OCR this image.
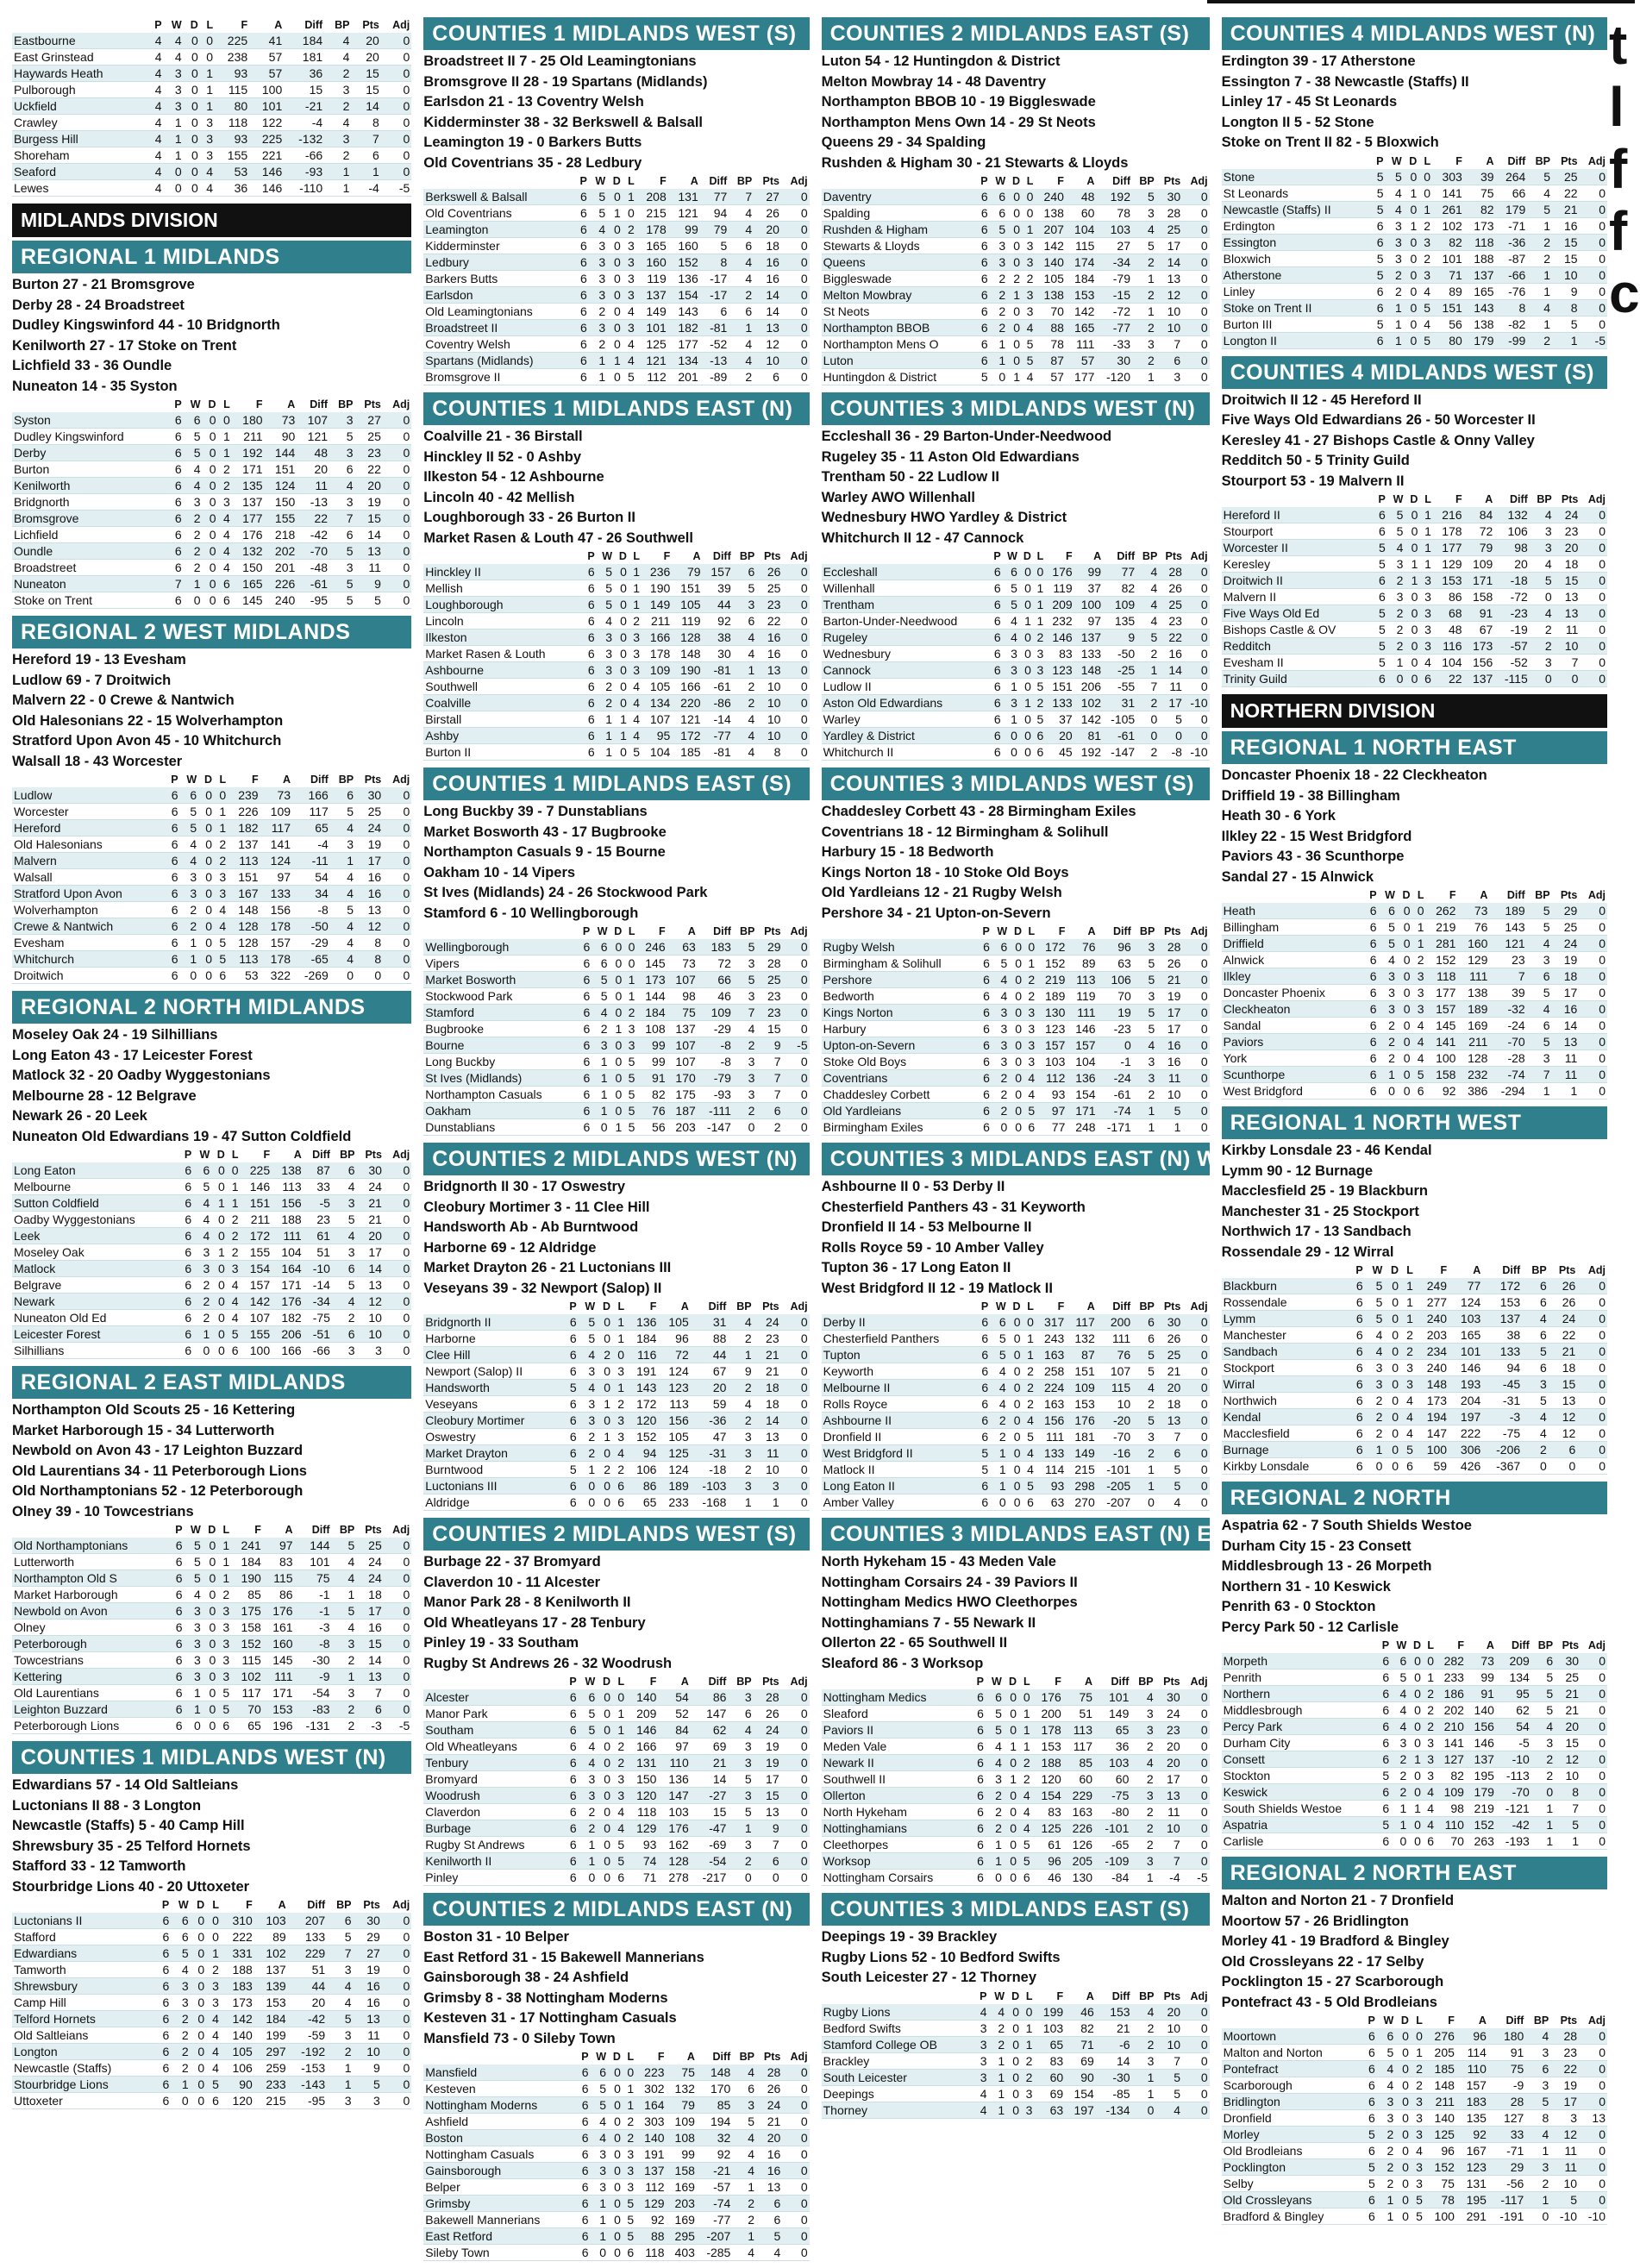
	P	W	D	L	F	A	Diff	BP	Pts	Adj
Eastbourne	4	4	0	0	225	41	184	4	20	0
East Grinstead	4	4	0	0	238	57	181	4	20	0
Haywards Heath	4	3	0	1	93	57	36	2	15	0
Pulborough	4	3	0	1	115	100	15	3	15	0
Uckfield	4	3	0	1	80	101	-21	2	14	0
Crawley	4	1	0	3	118	122	-4	4	8	0
Burgess Hill	4	1	0	3	93	225	-132	3	7	0
Shoreham	4	1	0	3	155	221	-66	2	6	0
Seaford	4	0	0	4	53	146	-93	1	1	0
Lewes	4	0	0	4	36	146	-110	1	-4	-5
MIDLANDS DIVISION
REGIONAL 1 MIDLANDS
Burton 27 - 21 Bromsgrove
Derby 28 - 24 Broadstreet
Dudley Kingswinford 44 - 10 Bridgnorth
Kenilworth 27 - 17 Stoke on Trent
Lichfield 33 - 36 Oundle
Nuneaton 14 - 35 Syston
	P	W	D	L	F	A	Diff	BP	Pts	Adj
Syston	6	6	0	0	180	73	107	3	27	0
Dudley Kingswinford	6	5	0	1	211	90	121	5	25	0
Derby	6	5	0	1	192	144	48	3	23	0
Burton	6	4	0	2	171	151	20	6	22	0
Kenilworth	6	4	0	2	135	124	11	4	20	0
Bridgnorth	6	3	0	3	137	150	-13	3	19	0
Bromsgrove	6	2	0	4	177	155	22	7	15	0
Lichfield	6	2	0	4	176	218	-42	6	14	0
Oundle	6	2	0	4	132	202	-70	5	13	0
Broadstreet	6	2	0	4	150	201	-48	3	11	0
Nuneaton	7	1	0	6	165	226	-61	5	9	0
Stoke on Trent	6	0	0	6	145	240	-95	5	5	0
REGIONAL 2 WEST MIDLANDS
Hereford 19 - 13 Evesham
Ludlow 69 - 7 Droitwich
Malvern 22 - 0 Crewe & Nantwich
Old Halesonians 22 - 15 Wolverhampton
Stratford Upon Avon 45 - 10 Whitchurch
Walsall 18 - 43 Worcester
	P	W	D	L	F	A	Diff	BP	Pts	Adj
Ludlow	6	6	0	0	239	73	166	6	30	0
Worcester	6	5	0	1	226	109	117	5	25	0
Hereford	6	5	0	1	182	117	65	4	24	0
Old Halesonians	6	4	0	2	137	141	-4	3	19	0
Malvern	6	4	0	2	113	124	-11	1	17	0
Walsall	6	3	0	3	151	97	54	4	16	0
Stratford Upon Avon	6	3	0	3	167	133	34	4	16	0
Wolverhampton	6	2	0	4	148	156	-8	5	13	0
Crewe & Nantwich	6	2	0	4	128	178	-50	4	12	0
Evesham	6	1	0	5	128	157	-29	4	8	0
Whitchurch	6	1	0	5	113	178	-65	4	8	0
Droitwich	6	0	0	6	53	322	-269	0	0	0
REGIONAL 2 NORTH MIDLANDS
Moseley Oak 24 - 19 Silhillians
Long Eaton 43 - 17 Leicester Forest
Matlock 32 - 20 Oadby Wyggestonians
Melbourne 28 - 12 Belgrave
Newark 26 - 20 Leek
Nuneaton Old Edwardians 19 - 47 Sutton Coldfield
	P	W	D	L	F	A	Diff	BP	Pts	Adj
Long Eaton	6	6	0	0	225	138	87	6	30	0
Melbourne	6	5	0	1	146	113	33	4	24	0
Sutton Coldfield	6	4	1	1	151	156	-5	3	21	0
Oadby Wyggestonians	6	4	0	2	211	188	23	5	21	0
Leek	6	4	0	2	172	111	61	4	20	0
Moseley Oak	6	3	1	2	155	104	51	3	17	0
Matlock	6	3	0	3	154	164	-10	6	14	0
Belgrave	6	2	0	4	157	171	-14	5	13	0
Newark	6	2	0	4	142	176	-34	4	12	0
Nuneaton Old Ed	6	2	0	4	107	182	-75	2	10	0
Leicester Forest	6	1	0	5	155	206	-51	6	10	0
Silhillians	6	0	0	6	100	166	-66	3	3	0
REGIONAL 2 EAST MIDLANDS
Northampton Old Scouts 25 - 16 Kettering
Market Harborough 15 - 34 Lutterworth
Newbold on Avon 43 - 17 Leighton Buzzard
Old Laurentians 34 - 11 Peterborough Lions
Old Northamptonians 52 - 12 Peterborough
Olney 39 - 10 Towcestrians
	P	W	D	L	F	A	Diff	BP	Pts	Adj
Old Northamptonians	6	5	0	1	241	97	144	5	25	0
Lutterworth	6	5	0	1	184	83	101	4	24	0
Northampton Old S	6	5	0	1	190	115	75	4	24	0
Market Harborough	6	4	0	2	85	86	-1	1	18	0
Newbold on Avon	6	3	0	3	175	176	-1	5	17	0
Olney	6	3	0	3	158	161	-3	4	16	0
Peterborough	6	3	0	3	152	160	-8	3	15	0
Towcestrians	6	3	0	3	115	145	-30	2	14	0
Kettering	6	3	0	3	102	111	-9	1	13	0
Old Laurentians	6	1	0	5	117	171	-54	3	7	0
Leighton Buzzard	6	1	0	5	70	153	-83	2	6	0
Peterborough Lions	6	0	0	6	65	196	-131	2	-3	-5
COUNTIES 1 MIDLANDS WEST (N)
Edwardians 57 - 14 Old Saltleians
Luctonians II 88 - 3 Longton
Newcastle (Staffs) 5 - 40 Camp Hill
Shrewsbury 35 - 25 Telford Hornets
Stafford 33 - 12 Tamworth
Stourbridge Lions 40 - 20 Uttoxeter
	P	W	D	L	F	A	Diff	BP	Pts	Adj
Luctonians II	6	6	0	0	310	103	207	6	30	0
Stafford	6	6	0	0	222	89	133	5	29	0
Edwardians	6	5	0	1	331	102	229	7	27	0
Tamworth	6	4	0	2	188	137	51	3	19	0
Shrewsbury	6	3	0	3	183	139	44	4	16	0
Camp Hill	6	3	0	3	173	153	20	4	16	0
Telford Hornets	6	2	0	4	142	184	-42	5	13	0
Old Saltleians	6	2	0	4	140	199	-59	3	11	0
Longton	6	2	0	4	105	297	-192	2	10	0
Newcastle (Staffs)	6	2	0	4	106	259	-153	1	9	0
Stourbridge Lions	6	1	0	5	90	233	-143	1	5	0
Uttoxeter	6	0	0	6	120	215	-95	3	3	0
COUNTIES 1 MIDLANDS WEST (S)
Broadstreet II 7 - 25 Old Leamingtonians
Bromsgrove II 28 - 19 Spartans (Midlands)
Earlsdon 21 - 13 Coventry Welsh
Kidderminster 38 - 32 Berkswell & Balsall
Leamington 19 - 0 Barkers Butts
Old Coventrians 35 - 28 Ledbury
	P	W	D	L	F	A	Diff	BP	Pts	Adj
Berkswell & Balsall	6	5	0	1	208	131	77	7	27	0
Old Coventrians	6	5	1	0	215	121	94	4	26	0
Leamington	6	4	0	2	178	99	79	4	20	0
Kidderminster	6	3	0	3	165	160	5	6	18	0
Ledbury	6	3	0	3	160	152	8	4	16	0
Barkers Butts	6	3	0	3	119	136	-17	4	16	0
Earlsdon	6	3	0	3	137	154	-17	2	14	0
Old Leamingtonians	6	2	0	4	149	143	6	6	14	0
Broadstreet II	6	3	0	3	101	182	-81	1	13	0
Coventry Welsh	6	2	0	4	125	177	-52	4	12	0
Spartans (Midlands)	6	1	1	4	121	134	-13	4	10	0
Bromsgrove II	6	1	0	5	112	201	-89	2	6	0
COUNTIES 1 MIDLANDS EAST (N)
Coalville 21 - 36 Birstall
Hinckley II 52 - 0 Ashby
Ilkeston 54 - 12 Ashbourne
Lincoln 40 - 42 Mellish
Loughborough 33 - 26 Burton II
Market Rasen & Louth 47 - 26 Southwell
	P	W	D	L	F	A	Diff	BP	Pts	Adj
Hinckley II	6	5	0	1	236	79	157	6	26	0
Mellish	6	5	0	1	190	151	39	5	25	0
Loughborough	6	5	0	1	149	105	44	3	23	0
Lincoln	6	4	0	2	211	119	92	6	22	0
Ilkeston	6	3	0	3	166	128	38	4	16	0
Market Rasen & Louth	6	3	0	3	178	148	30	4	16	0
Ashbourne	6	3	0	3	109	190	-81	1	13	0
Southwell	6	2	0	4	105	166	-61	2	10	0
Coalville	6	2	0	4	134	220	-86	2	10	0
Birstall	6	1	1	4	107	121	-14	4	10	0
Ashby	6	1	1	4	95	172	-77	4	10	0
Burton II	6	1	0	5	104	185	-81	4	8	0
COUNTIES 1 MIDLANDS EAST (S)
Long Buckby 39 - 7 Dunstablians
Market Bosworth 43 - 17 Bugbrooke
Northampton Casuals 9 - 15 Bourne
Oakham 10 - 14 Vipers
St Ives (Midlands) 24 - 26 Stockwood Park
Stamford 6 - 10 Wellingborough
	P	W	D	L	F	A	Diff	BP	Pts	Adj
Wellingborough	6	6	0	0	246	63	183	5	29	0
Vipers	6	6	0	0	145	73	72	3	28	0
Market Bosworth	6	5	0	1	173	107	66	5	25	0
Stockwood Park	6	5	0	1	144	98	46	3	23	0
Stamford	6	4	0	2	184	75	109	7	23	0
Bugbrooke	6	2	1	3	108	137	-29	4	15	0
Bourne	6	3	0	3	99	107	-8	2	9	-5
Long Buckby	6	1	0	5	99	107	-8	3	7	0
St Ives (Midlands)	6	1	0	5	91	170	-79	3	7	0
Northampton Casuals	6	1	0	5	82	175	-93	3	7	0
Oakham	6	1	0	5	76	187	-111	2	6	0
Dunstablians	6	0	1	5	56	203	-147	0	2	0
COUNTIES 2 MIDLANDS WEST (N)
Bridgnorth II 30 - 17 Oswestry
Cleobury Mortimer 3 - 11 Clee Hill
Handsworth Ab - Ab Burntwood
Harborne 69 - 12 Aldridge
Market Drayton 26 - 21 Luctonians III
Veseyans 39 - 32 Newport (Salop) II
	P	W	D	L	F	A	Diff	BP	Pts	Adj
Bridgnorth II	6	5	0	1	136	105	31	4	24	0
Harborne	6	5	0	1	184	96	88	2	23	0
Clee Hill	6	4	2	0	116	72	44	1	21	0
Newport (Salop) II	6	3	0	3	191	124	67	9	21	0
Handsworth	5	4	0	1	143	123	20	2	18	0
Veseyans	6	3	1	2	172	113	59	4	18	0
Cleobury Mortimer	6	3	0	3	120	156	-36	2	14	0
Oswestry	6	2	1	3	152	105	47	3	13	0
Market Drayton	6	2	0	4	94	125	-31	3	11	0
Burntwood	5	1	2	2	106	124	-18	2	10	0
Luctonians III	6	0	0	6	86	189	-103	3	3	0
Aldridge	6	0	0	6	65	233	-168	1	1	0
COUNTIES 2 MIDLANDS WEST (S)
Burbage 22 - 37 Bromyard
Claverdon 10 - 11 Alcester
Manor Park 28 - 8 Kenilworth II
Old Wheatleyans 17 - 28 Tenbury
Pinley 19 - 33 Southam
Rugby St Andrews 26 - 32 Woodrush
	P	W	D	L	F	A	Diff	BP	Pts	Adj
Alcester	6	6	0	0	140	54	86	3	28	0
Manor Park	6	5	0	1	209	52	147	6	26	0
Southam	6	5	0	1	146	84	62	4	24	0
Old Wheatleyans	6	4	0	2	166	97	69	3	19	0
Tenbury	6	4	0	2	131	110	21	3	19	0
Bromyard	6	3	0	3	150	136	14	5	17	0
Woodrush	6	3	0	3	120	147	-27	3	15	0
Claverdon	6	2	0	4	118	103	15	5	13	0
Burbage	6	2	0	4	129	176	-47	1	9	0
Rugby St Andrews	6	1	0	5	93	162	-69	3	7	0
Kenilworth II	6	1	0	5	74	128	-54	2	6	0
Pinley	6	0	0	6	71	278	-217	0	0	0
COUNTIES 2 MIDLANDS EAST (N)
Boston 31 - 10 Belper
East Retford 31 - 15 Bakewell Mannerians
Gainsborough 38 - 24 Ashfield
Grimsby 8 - 38 Nottingham Moderns
Kesteven 31 - 17 Nottingham Casuals
Mansfield 73 - 0 Sileby Town
	P	W	D	L	F	A	Diff	BP	Pts	Adj
Mansfield	6	6	0	0	223	75	148	4	28	0
Kesteven	6	5	0	1	302	132	170	6	26	0
Nottingham Moderns	6	5	0	1	164	79	85	3	24	0
Ashfield	6	4	0	2	303	109	194	5	21	0
Boston	6	4	0	2	140	108	32	4	20	0
Nottingham Casuals	6	3	0	3	191	99	92	4	16	0
Gainsborough	6	3	0	3	137	158	-21	4	16	0
Belper	6	3	0	3	112	169	-57	1	13	0
Grimsby	6	1	0	5	129	203	-74	2	6	0
Bakewell Mannerians	6	1	0	5	92	169	-77	2	6	0
East Retford	6	1	0	5	88	295	-207	1	5	0
Sileby Town	6	0	0	6	118	403	-285	4	4	0
COUNTIES 2 MIDLANDS EAST (S)
Luton 54 - 12 Huntingdon & District
Melton Mowbray 14 - 48 Daventry
Northampton BBOB 10 - 19 Biggleswade
Northampton Mens Own 14 - 29 St Neots
Queens 29 - 34 Spalding
Rushden & Higham 30 - 21 Stewarts & Lloyds
	P	W	D	L	F	A	Diff	BP	Pts	Adj
Daventry	6	6	0	0	240	48	192	5	30	0
Spalding	6	6	0	0	138	60	78	3	28	0
Rushden & Higham	6	5	0	1	207	104	103	4	25	0
Stewarts & Lloyds	6	3	0	3	142	115	27	5	17	0
Queens	6	3	0	3	140	174	-34	2	14	0
Biggleswade	6	2	2	2	105	184	-79	1	13	0
Melton Mowbray	6	2	1	3	138	153	-15	2	12	0
St Neots	6	2	0	3	70	142	-72	1	10	0
Northampton BBOB	6	2	0	4	88	165	-77	2	10	0
Northampton Mens O	6	1	0	5	78	111	-33	3	7	0
Luton	6	1	0	5	87	57	30	2	6	0
Huntingdon & District	5	0	1	4	57	177	-120	1	3	0
COUNTIES 3 MIDLANDS WEST (N)
Eccleshall 36 - 29 Barton-Under-Needwood
Rugeley 35 - 11 Aston Old Edwardians
Trentham 50 - 22 Ludlow II
Warley AWO Willenhall
Wednesbury HWO Yardley & District
Whitchurch II 12 - 47 Cannock
	P	W	D	L	F	A	Diff	BP	Pts	Adj
Eccleshall	6	6	0	0	176	99	77	4	28	0
Willenhall	6	5	0	1	119	37	82	4	26	0
Trentham	6	5	0	1	209	100	109	4	25	0
Barton-Under-Needwood	6	4	1	1	232	97	135	4	23	0
Rugeley	6	4	0	2	146	137	9	5	22	0
Wednesbury	6	3	0	3	83	133	-50	2	16	0
Cannock	6	3	0	3	123	148	-25	1	14	0
Ludlow II	6	1	0	5	151	206	-55	7	11	0
Aston Old Edwardians	6	3	1	2	133	102	31	2	17	-10
Warley	6	1	0	5	37	142	-105	0	5	0
Yardley & District	6	0	0	6	20	81	-61	0	0	0
Whitchurch II	6	0	0	6	45	192	-147	2	-8	-10
COUNTIES 3 MIDLANDS WEST (S)
Chaddesley Corbett 43 - 28 Birmingham Exiles
Coventrians 18 - 12 Birmingham & Solihull
Harbury 15 - 18 Bedworth
Kings Norton 18 - 10 Stoke Old Boys
Old Yardleians 12 - 21 Rugby Welsh
Pershore 34 - 21 Upton-on-Severn
	P	W	D	L	F	A	Diff	BP	Pts	Adj
Rugby Welsh	6	6	0	0	172	76	96	3	28	0
Birmingham & Solihull	6	5	0	1	152	89	63	5	26	0
Pershore	6	4	0	2	219	113	106	5	21	0
Bedworth	6	4	0	2	189	119	70	3	19	0
Kings Norton	6	3	0	3	130	111	19	5	17	0
Harbury	6	3	0	3	123	146	-23	5	17	0
Upton-on-Severn	6	3	0	3	157	157	0	4	16	0
Stoke Old Boys	6	3	0	3	103	104	-1	3	16	0
Coventrians	6	2	0	4	112	136	-24	3	11	0
Chaddesley Corbett	6	2	0	4	93	154	-61	2	10	0
Old Yardleians	6	2	0	5	97	171	-74	1	5	0
Birmingham Exiles	6	0	0	6	77	248	-171	1	1	0
COUNTIES 3 MIDLANDS EAST (N) W
Ashbourne II 0 - 53 Derby II
Chesterfield Panthers 43 - 31 Keyworth
Dronfield II 14 - 53 Melbourne II
Rolls Royce 59 - 10 Amber Valley
Tupton 36 - 17 Long Eaton II
West Bridgford II 12 - 19 Matlock II
	P	W	D	L	F	A	Diff	BP	Pts	Adj
Derby II	6	6	0	0	317	117	200	6	30	0
Chesterfield Panthers	6	5	0	1	243	132	111	6	26	0
Tupton	6	5	0	1	163	87	76	5	25	0
Keyworth	6	4	0	2	258	151	107	5	21	0
Melbourne II	6	4	0	2	224	109	115	4	20	0
Rolls Royce	6	4	0	2	163	153	10	2	18	0
Ashbourne II	6	2	0	4	156	176	-20	5	13	0
Dronfield II	6	2	0	5	111	181	-70	3	7	0
West Bridgford II	5	1	0	4	133	149	-16	2	6	0
Matlock II	5	1	0	4	114	215	-101	1	5	0
Long Eaton II	6	1	0	5	93	298	-205	1	5	0
Amber Valley	6	0	0	6	63	270	-207	0	4	0
COUNTIES 3 MIDLANDS EAST (N) E
North Hykeham 15 - 43 Meden Vale
Nottingham Corsairs 24 - 39 Paviors II
Nottingham Medics HWO Cleethorpes
Nottinghamians 7 - 55 Newark II
Ollerton 22 - 65 Southwell II
Sleaford 86 - 3 Worksop
	P	W	D	L	F	A	Diff	BP	Pts	Adj
Nottingham Medics	6	6	0	0	176	75	101	4	30	0
Sleaford	6	5	0	1	200	51	149	3	24	0
Paviors II	6	5	0	1	178	113	65	3	23	0
Meden Vale	6	4	1	1	153	117	36	2	20	0
Newark II	6	4	0	2	188	85	103	4	20	0
Southwell II	6	3	1	2	120	60	60	2	17	0
Ollerton	6	2	0	4	154	229	-75	3	13	0
North Hykeham	6	2	0	4	83	163	-80	2	11	0
Nottinghamians	6	2	0	4	125	226	-101	2	10	0
Cleethorpes	6	1	0	5	61	126	-65	2	7	0
Worksop	6	1	0	5	96	205	-109	3	7	0
Nottingham Corsairs	6	0	0	6	46	130	-84	1	-4	-5
COUNTIES 3 MIDLANDS EAST (S)
Deepings 19 - 39 Brackley
Rugby Lions 52 - 10 Bedford Swifts
South Leicester 27 - 12 Thorney
	P	W	D	L	F	A	Diff	BP	Pts	Adj
Rugby Lions	4	4	0	0	199	46	153	4	20	0
Bedford Swifts	3	2	0	1	103	82	21	2	10	0
Stamford College OB	3	2	0	1	65	71	-6	2	10	0
Brackley	3	1	0	2	83	69	14	3	7	0
South Leicester	3	1	0	2	60	90	-30	1	5	0
Deepings	4	1	0	3	69	154	-85	1	5	0
Thorney	4	1	0	3	63	197	-134	0	4	0
COUNTIES 4 MIDLANDS WEST (N)
Erdington 39 - 17 Atherstone
Essington 7 - 38 Newcastle (Staffs) II
Linley 17 - 45 St Leonards
Longton II 5 - 52 Stone
Stoke on Trent II 82 - 5 Bloxwich
	P	W	D	L	F	A	Diff	BP	Pts	Adj
Stone	5	5	0	0	303	39	264	5	25	0
St Leonards	5	4	1	0	141	75	66	4	22	0
Newcastle (Staffs) II	5	4	0	1	261	82	179	5	21	0
Erdington	6	3	1	2	102	173	-71	1	16	0
Essington	6	3	0	3	82	118	-36	2	15	0
Bloxwich	5	3	0	2	101	188	-87	2	15	0
Atherstone	5	2	0	3	71	137	-66	1	10	0
Linley	6	2	0	4	89	165	-76	1	9	0
Stoke on Trent II	6	1	0	5	151	143	8	4	8	0
Burton III	5	1	0	4	56	138	-82	1	5	0
Longton II	6	1	0	5	80	179	-99	2	1	-5
COUNTIES 4 MIDLANDS WEST (S)
Droitwich II 12 - 45 Hereford II
Five Ways Old Edwardians 26 - 50 Worcester II
Keresley 41 - 27 Bishops Castle & Onny Valley
Redditch 50 - 5 Trinity Guild
Stourport 53 - 19 Malvern II
	P	W	D	L	F	A	Diff	BP	Pts	Adj
Hereford II	6	5	0	1	216	84	132	4	24	0
Stourport	6	5	0	1	178	72	106	3	23	0
Worcester II	5	4	0	1	177	79	98	3	20	0
Keresley	5	3	1	1	129	109	20	4	18	0
Droitwich II	6	2	1	3	153	171	-18	5	15	0
Malvern II	6	3	0	3	86	158	-72	0	13	0
Five Ways Old Ed	5	2	0	3	68	91	-23	4	13	0
Bishops Castle & OV	5	2	0	3	48	67	-19	2	11	0
Redditch	5	2	0	3	116	173	-57	2	10	0
Evesham II	5	1	0	4	104	156	-52	3	7	0
Trinity Guild	6	0	0	6	22	137	-115	0	0	0
NORTHERN DIVISION
REGIONAL 1 NORTH EAST
Doncaster Phoenix 18 - 22 Cleckheaton
Driffield 19 - 38 Billingham
Heath 30 - 6 York
Ilkley 22 - 15 West Bridgford
Paviors 43 - 36 Scunthorpe
Sandal 27 - 15 Alnwick
	P	W	D	L	F	A	Diff	BP	Pts	Adj
Heath	6	6	0	0	262	73	189	5	29	0
Billingham	6	5	0	1	219	76	143	5	25	0
Driffield	6	5	0	1	281	160	121	4	24	0
Alnwick	6	4	0	2	152	129	23	3	19	0
Ilkley	6	3	0	3	118	111	7	6	18	0
Doncaster Phoenix	6	3	0	3	177	138	39	5	17	0
Cleckheaton	6	3	0	3	157	189	-32	4	16	0
Sandal	6	2	0	4	145	169	-24	6	14	0
Paviors	6	2	0	4	141	211	-70	5	13	0
York	6	2	0	4	100	128	-28	3	11	0
Scunthorpe	6	1	0	5	158	232	-74	7	11	0
West Bridgford	6	0	0	6	92	386	-294	1	1	0
REGIONAL 1 NORTH WEST
Kirkby Lonsdale 23 - 46 Kendal
Lymm 90 - 12 Burnage
Macclesfield 25 - 19 Blackburn
Manchester 31 - 25 Stockport
Northwich 17 - 13 Sandbach
Rossendale 29 - 12 Wirral
	P	W	D	L	F	A	Diff	BP	Pts	Adj
Blackburn	6	5	0	1	249	77	172	6	26	0
Rossendale	6	5	0	1	277	124	153	6	26	0
Lymm	6	5	0	1	240	103	137	4	24	0
Manchester	6	4	0	2	203	165	38	6	22	0
Sandbach	6	4	0	2	234	101	133	5	21	0
Stockport	6	3	0	3	240	146	94	6	18	0
Wirral	6	3	0	3	148	193	-45	3	15	0
Northwich	6	2	0	4	173	204	-31	5	13	0
Kendal	6	2	0	4	194	197	-3	4	12	0
Macclesfield	6	2	0	4	147	222	-75	4	12	0
Burnage	6	1	0	5	100	306	-206	2	6	0
Kirkby Lonsdale	6	0	0	6	59	426	-367	0	0	0
REGIONAL 2 NORTH
Aspatria 62 - 7 South Shields Westoe
Durham City 15 - 23 Consett
Middlesbrough 13 - 26 Morpeth
Northern 31 - 10 Keswick
Penrith 63 - 0 Stockton
Percy Park 50 - 12 Carlisle
	P	W	D	L	F	A	Diff	BP	Pts	Adj
Morpeth	6	6	0	0	282	73	209	6	30	0
Penrith	6	5	0	1	233	99	134	5	25	0
Northern	6	4	0	2	186	91	95	5	21	0
Middlesbrough	6	4	0	2	202	140	62	5	21	0
Percy Park	6	4	0	2	210	156	54	4	20	0
Durham City	6	3	0	3	141	146	-5	3	15	0
Consett	6	2	1	3	127	137	-10	2	12	0
Stockton	5	2	0	3	82	195	-113	2	10	0
Keswick	6	2	0	4	109	179	-70	0	8	0
South Shields Westoe	6	1	1	4	98	219	-121	1	7	0
Aspatria	5	1	0	4	110	152	-42	1	5	0
Carlisle	6	0	0	6	70	263	-193	1	1	0
REGIONAL 2 NORTH EAST
Malton and Norton 21 - 7 Dronfield
Moortow 57 - 26 Bridlington
Morley 41 - 19 Bradford & Bingley
Old Crossleyans 22 - 17 Selby
Pocklington 15 - 27 Scarborough
Pontefract 43 - 5 Old Brodleians
	P	W	D	L	F	A	Diff	BP	Pts	Adj
Moortown	6	6	0	0	276	96	180	4	28	0
Malton and Norton	6	5	0	1	205	114	91	3	23	0
Pontefract	6	4	0	2	185	110	75	6	22	0
Scarborough	6	4	0	2	148	157	-9	3	19	0
Bridlington	6	3	0	3	211	183	28	5	17	0
Dronfield	6	3	0	3	140	135	127	8	3	13
Morley	5	2	0	3	125	92	33	4	12	0
Old Brodleians	6	2	0	4	96	167	-71	1	11	0
Pocklington	5	2	0	3	152	123	29	3	11	0
Selby	5	2	0	3	75	131	-56	2	10	0
Old Crossleyans	6	1	0	5	78	195	-117	1	5	0
Bradford & Bingley	6	1	0	5	100	291	-191	0	-10	-10
t
l
f
f
c
